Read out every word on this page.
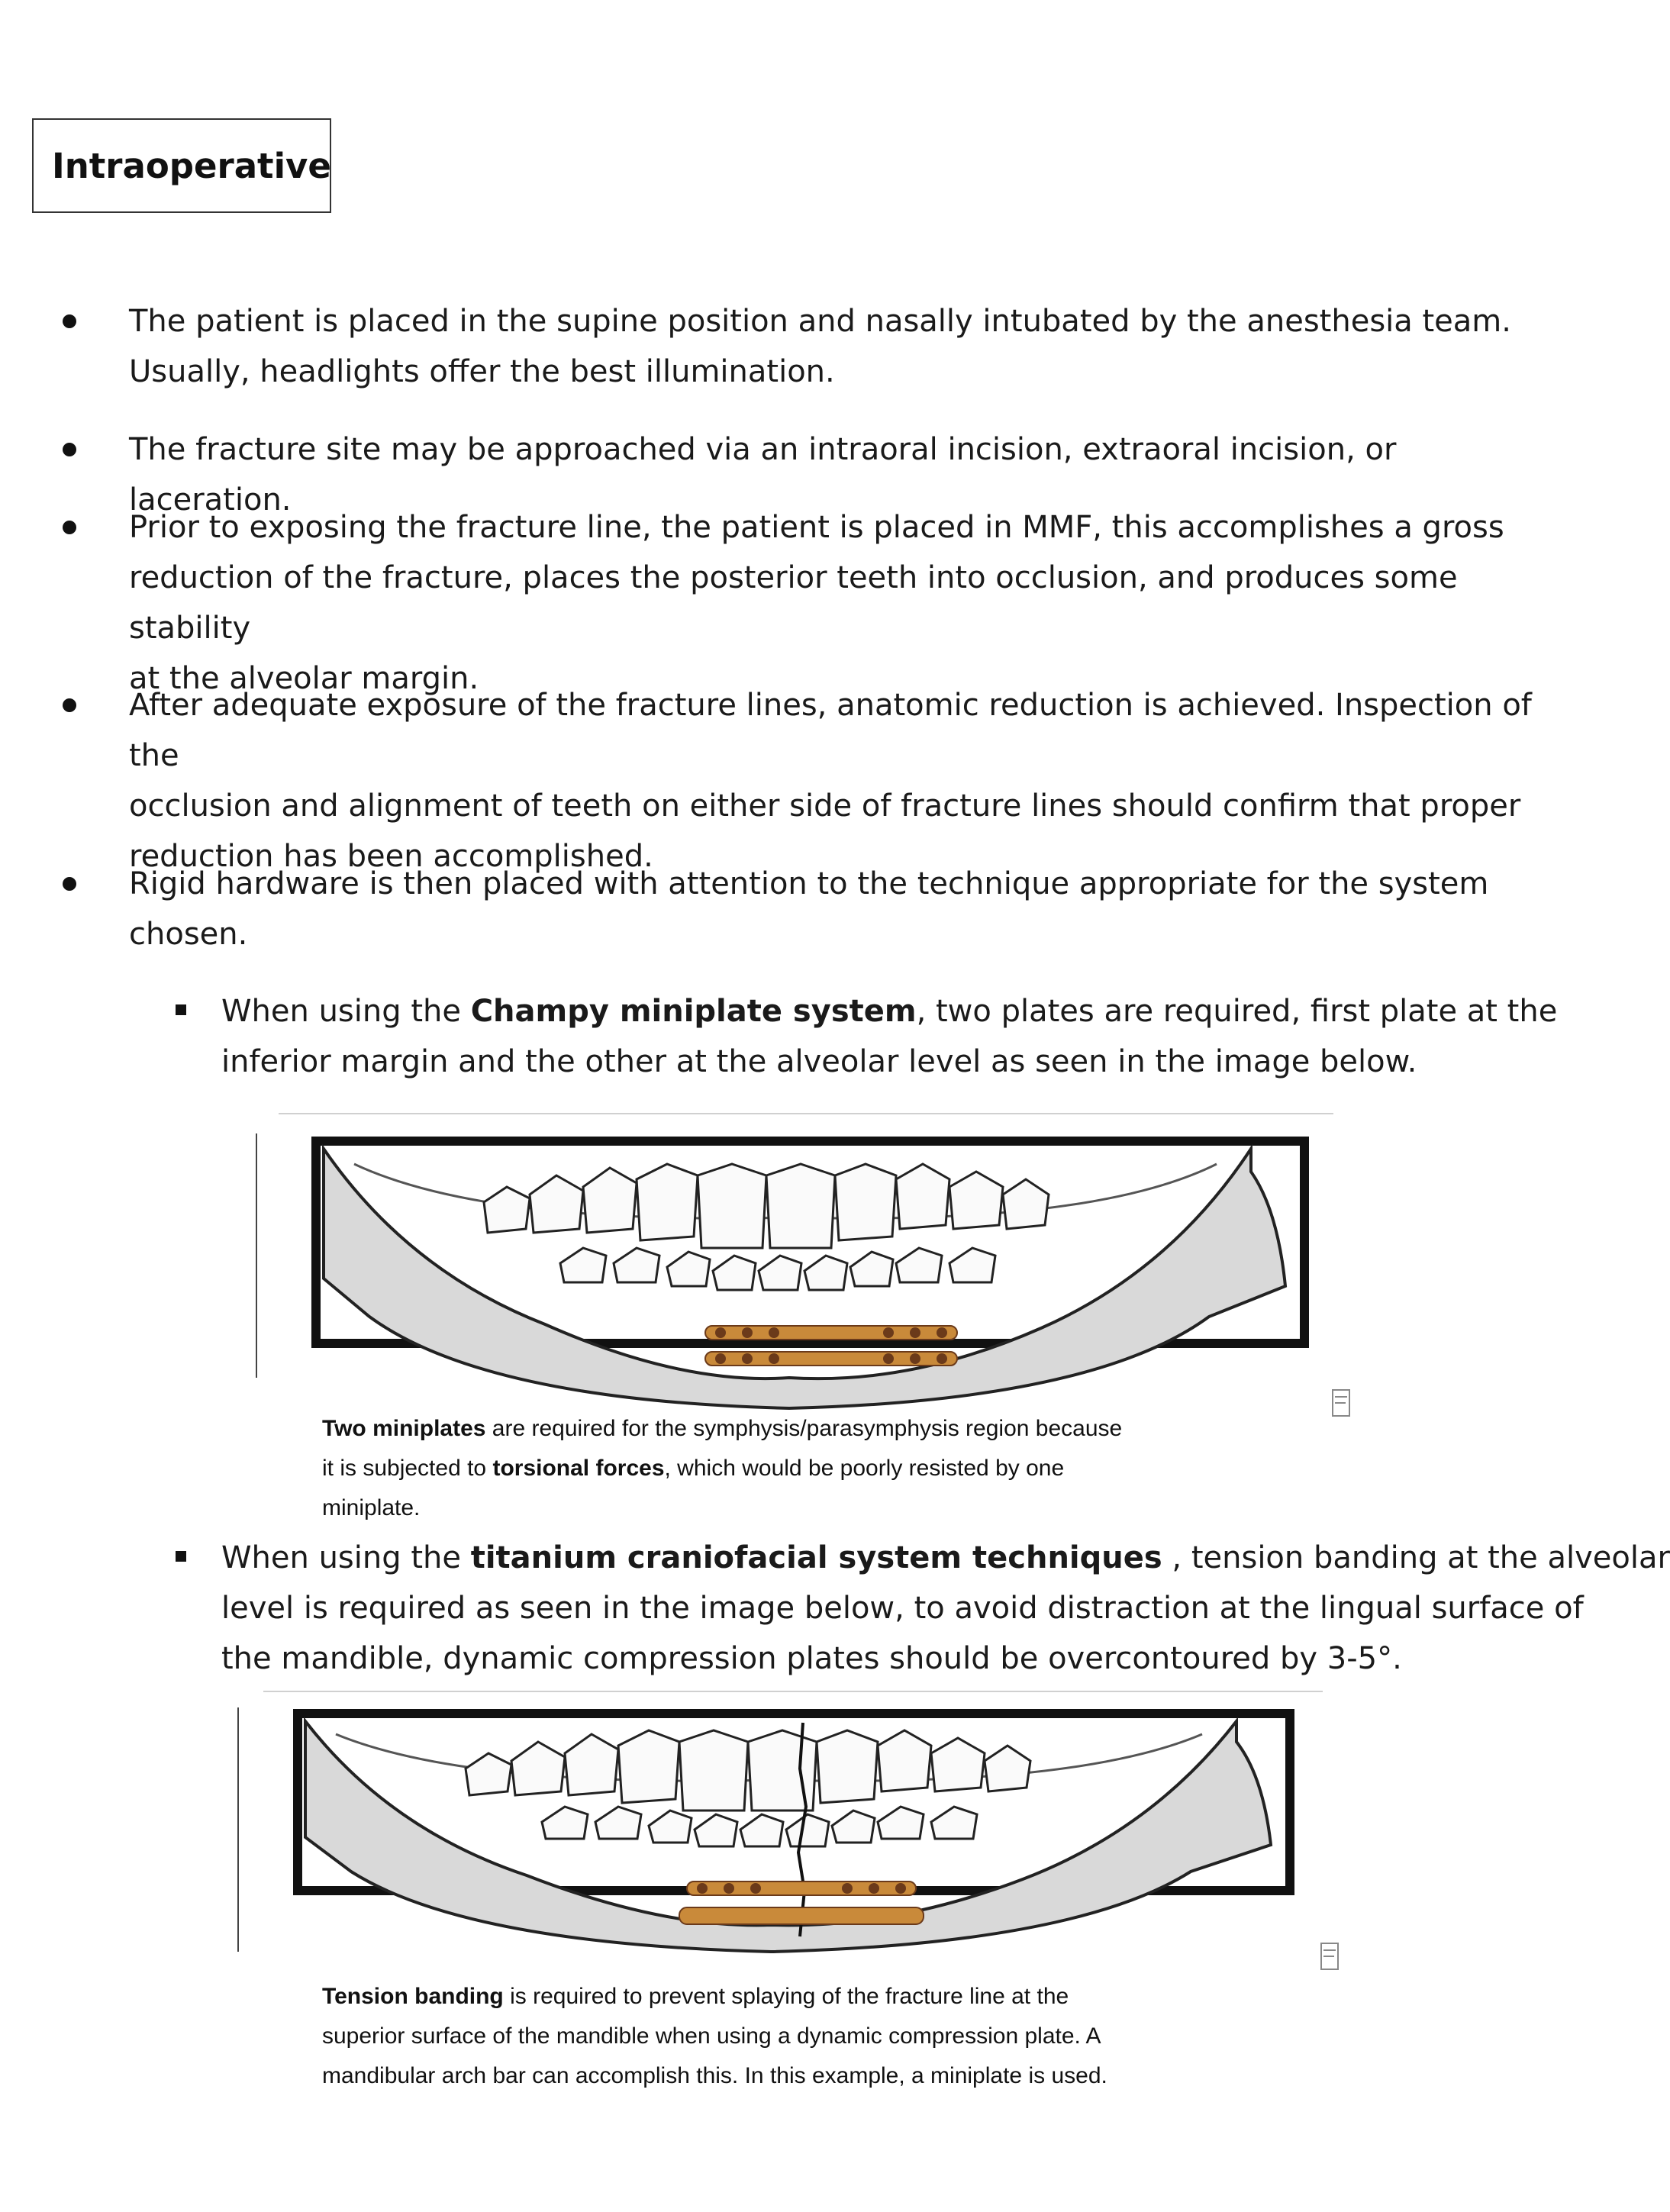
Intraoperative
The patient is placed in the supine position and nasally intubated by the anesthesia team.
Usually, headlights offer the best illumination.
The fracture site may be approached via an intraoral incision, extraoral incision, or laceration.
Prior to exposing the fracture line, the patient is placed in MMF, this accomplishes a gross
reduction of the fracture, places the posterior teeth into occlusion, and produces some stability
at the alveolar margin.
After adequate exposure of the fracture lines, anatomic reduction is achieved. Inspection of the
occlusion and alignment of teeth on either side of fracture lines should confirm that proper
reduction has been accomplished.
Rigid hardware is then placed with attention to the technique appropriate for the system
chosen.
When using the Champy miniplate system, two plates are required, first plate at the
inferior margin and the other at the alveolar level as seen in the image below.
Two miniplates are required for the symphysis/parasymphysis region because
it is subjected to torsional forces, which would be poorly resisted by one
miniplate.
When using the titanium craniofacial system techniques , tension banding at the alveolar
level is required as seen in the image below, to avoid distraction at the lingual surface of
the mandible, dynamic compression plates should be overcontoured by 3-5°.
Tension banding is required to prevent splaying of the fracture line at the
superior surface of the mandible when using a dynamic compression plate. A
mandibular arch bar can accomplish this. In this example, a miniplate is used.
